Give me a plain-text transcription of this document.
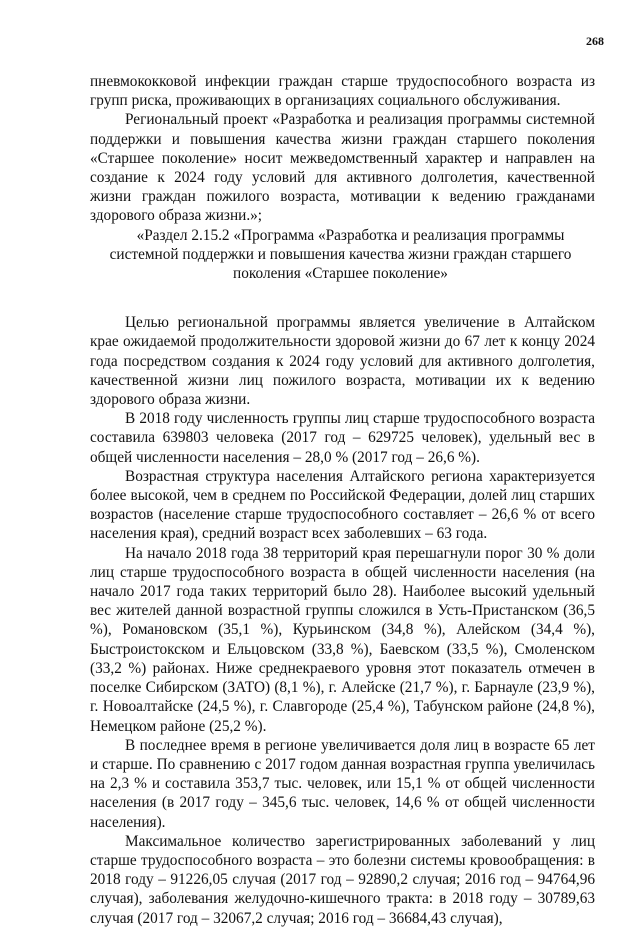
268

пневмококковой инфекции граждан старше трудоспособного возраста из групп риска, проживающих в организациях социального обслуживания.

Региональный проект «Разработка и реализация программы системной поддержки и повышения качества жизни граждан старшего поколения «Старшее поколение» носит межведомственный характер и направлен на создание к 2024 году условий для активного долголетия, качественной жизни граждан пожилого возраста, мотивации к ведению гражданами здорового образа жизни.»;

«Раздел 2.15.2 «Программа «Разработка и реализация программы системной поддержки и повышения качества жизни граждан старшего поколения «Старшее поколение»

Целью региональной программы является увеличение в Алтайском крае ожидаемой продолжительности здоровой жизни до 67 лет к концу 2024 года посредством создания к 2024 году условий для активного долголетия, качественной жизни лиц пожилого возраста, мотивации их к ведению здорового образа жизни.

В 2018 году численность группы лиц старше трудоспособного возраста составила 639803 человека (2017 год – 629725 человек), удельный вес в общей численности населения – 28,0 % (2017 год – 26,6 %).

Возрастная структура населения Алтайского региона характеризуется более высокой, чем в среднем по Российской Федерации, долей лиц старших возрастов (население старше трудоспособного составляет – 26,6 % от всего населения края), средний возраст всех заболевших – 63 года.

На начало 2018 года 38 территорий края перешагнули порог 30 % доли лиц старше трудоспособного возраста в общей численности населения (на начало 2017 года таких территорий было 28). Наиболее высокий удельный вес жителей данной возрастной группы сложился в Усть-Пристанском (36,5 %), Романовском (35,1 %), Курьинском (34,8 %), Алейском (34,4 %), Быстроистокском и Ельцовском (33,8 %), Баевском (33,5 %), Смоленском (33,2 %) районах. Ниже среднекраевого уровня этот показатель отмечен в поселке Сибирском (ЗАТО) (8,1 %), г. Алейске (21,7 %), г. Барнауле (23,9 %), г. Новоалтайске (24,5 %), г. Славгороде (25,4 %), Табунском районе (24,8 %), Немецком районе (25,2 %).

В последнее время в регионе увеличивается доля лиц в возрасте 65 лет и старше. По сравнению с 2017 годом данная возрастная группа увеличилась на 2,3 % и составила 353,7 тыс. человек, или 15,1 % от общей численности населения (в 2017 году – 345,6 тыс. человек, 14,6 % от общей численности населения).

Максимальное количество зарегистрированных заболеваний у лиц старше трудоспособного возраста – это болезни системы кровообращения: в 2018 году – 91226,05 случая (2017 год – 92890,2 случая; 2016 год – 94764,96 случая), заболевания желудочно-кишечного тракта: в 2018 году – 30789,63 случая (2017 год – 32067,2 случая; 2016 год – 36684,43 случая),
